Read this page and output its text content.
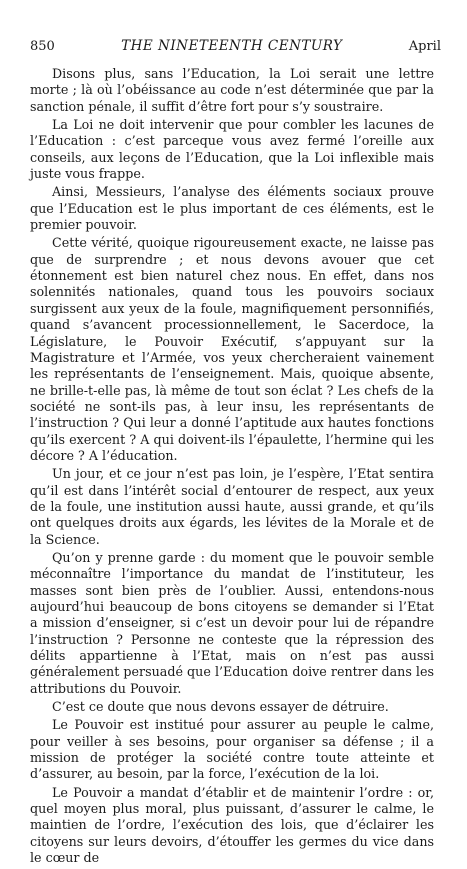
850	THE NINETEENTH CENTURY	April

Disons plus, sans l’Education, la Loi serait une lettre morte ; là où l’obéissance au code n’est déterminée que par la sanction pénale, il suffit d’être fort pour s’y soustraire.

La Loi ne doit intervenir que pour combler les lacunes de l’Education : c’est parceque vous avez fermé l’oreille aux conseils, aux leçons de l’Education, que la Loi inflexible mais juste vous frappe.

Ainsi, Messieurs, l’analyse des éléments sociaux prouve que l’Education est le plus important de ces éléments, est le premier pouvoir.

Cette vérité, quoique rigoureusement exacte, ne laisse pas que de surprendre ; et nous devons avouer que cet étonnement est bien naturel chez nous. En effet, dans nos solennités nationales, quand tous les pouvoirs sociaux surgissent aux yeux de la foule, magnifiquement personnifiés, quand s’avancent processionnellement, le Sacerdoce, la Législature, le Pouvoir Exécutif, s’appuyant sur la Magistrature et l’Armée, vos yeux chercheraient vainement les représentants de l’enseignement. Mais, quoique absente, ne brille-t-elle pas, là même de tout son éclat ? Les chefs de la société ne sont-ils pas, à leur insu, les représentants de l’instruction ? Qui leur a donné l’aptitude aux hautes fonctions qu’ils exercent ? A qui doivent-ils l’épaulette, l’hermine qui les décore ? A l’éducation.

Un jour, et ce jour n’est pas loin, je l’espère, l’Etat sentira qu’il est dans l’intérêt social d’entourer de respect, aux yeux de la foule, une institution aussi haute, aussi grande, et qu’ils ont quelques droits aux égards, les lévites de la Morale et de la Science.

Qu’on y prenne garde : du moment que le pouvoir semble méconnaître l’importance du mandat de l’instituteur, les masses sont bien près de l’oublier. Aussi, entendons-nous aujourd’hui beaucoup de bons citoyens se demander si l’Etat a mission d’enseigner, si c’est un devoir pour lui de répandre l’instruction ? Personne ne conteste que la répression des délits appartienne à l’Etat, mais on n’est pas aussi généralement persuadé que l’Education doive rentrer dans les attributions du Pouvoir.

C’est ce doute que nous devons essayer de détruire.

Le Pouvoir est institué pour assurer au peuple le calme, pour veiller à ses besoins, pour organiser sa défense ; il a mission de protéger la société contre toute atteinte et d’assurer, au besoin, par la force, l’exécution de la loi.

Le Pouvoir a mandat d’établir et de maintenir l’ordre : or, quel moyen plus moral, plus puissant, d’assurer le calme, le maintien de l’ordre, l’exécution des lois, que d’éclairer les citoyens sur leurs devoirs, d’étouffer les germes du vice dans le cœur de
